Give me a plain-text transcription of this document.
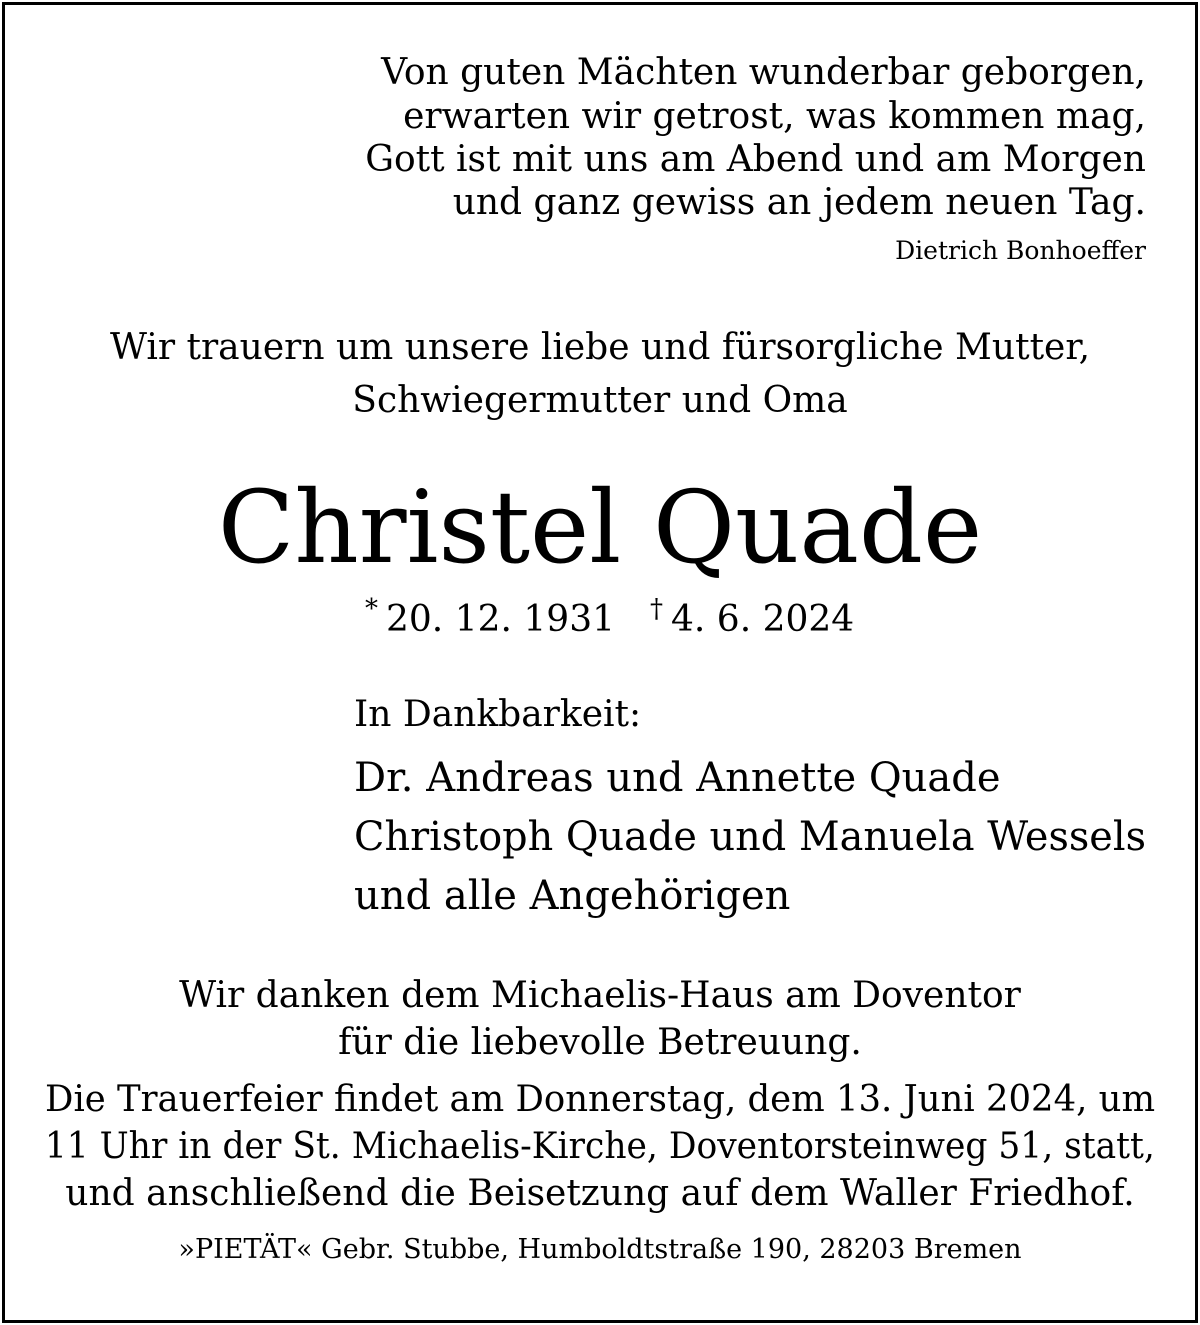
Von guten Mächten wunderbar geborgen,
erwarten wir getrost, was kommen mag,
Gott ist mit uns am Abend und am Morgen
und ganz gewiss an jedem neuen Tag.
Dietrich Bonhoeffer
Wir trauern um unsere liebe und fürsorgliche Mutter,
Schwiegermutter und Oma
Christel Quade
* 20. 12. 1931 † 4. 6. 2024
In Dankbarkeit:
Dr. Andreas und Annette Quade
Christoph Quade und Manuela Wessels
und alle Angehörigen
Wir danken dem Michaelis-Haus am Doventor
für die liebevolle Betreuung.
Die Trauerfeier findet am Donnerstag, dem 13. Juni 2024, um
11 Uhr in der St. Michaelis-Kirche, Doventorsteinweg 51, statt,
und anschließend die Beisetzung auf dem Waller Friedhof.
»PIETÄT« Gebr. Stubbe, Humboldtstraße 190, 28203 Bremen
